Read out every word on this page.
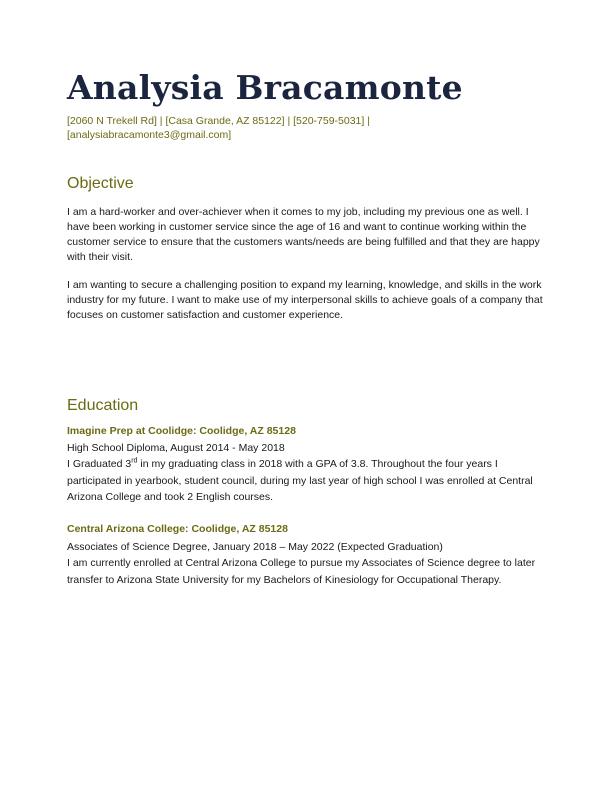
Analysia Bracamonte
[2060 N Trekell Rd] | [Casa Grande, AZ 85122] | [520-759-5031] |
[analysiabracamonte3@gmail.com]
Objective

I am a hard-worker and over-achiever when it comes to my job, including my previous one as well. I have been working in customer service since the age of 16 and want to continue working within the customer service to ensure that the customers wants/needs are being fulfilled and that they are happy with their visit.

I am wanting to secure a challenging position to expand my learning, knowledge, and skills in the work industry for my future. I want to make use of my interpersonal skills to achieve goals of a company that focuses on customer satisfaction and customer experience.

Education

Imagine Prep at Coolidge: Coolidge, AZ 85128

High School Diploma, August 2014 - May 2018

I Graduated 3rd in my graduating class in 2018 with a GPA of 3.8. Throughout the four years I participated in yearbook, student council, during my last year of high school I was enrolled at Central Arizona College and took 2 English courses.

Central Arizona College: Coolidge, AZ 85128

Associates of Science Degree, January 2018 – May 2022 (Expected Graduation)

I am currently enrolled at Central Arizona College to pursue my Associates of Science degree to later transfer to Arizona State University for my Bachelors of Kinesiology for Occupational Therapy.
